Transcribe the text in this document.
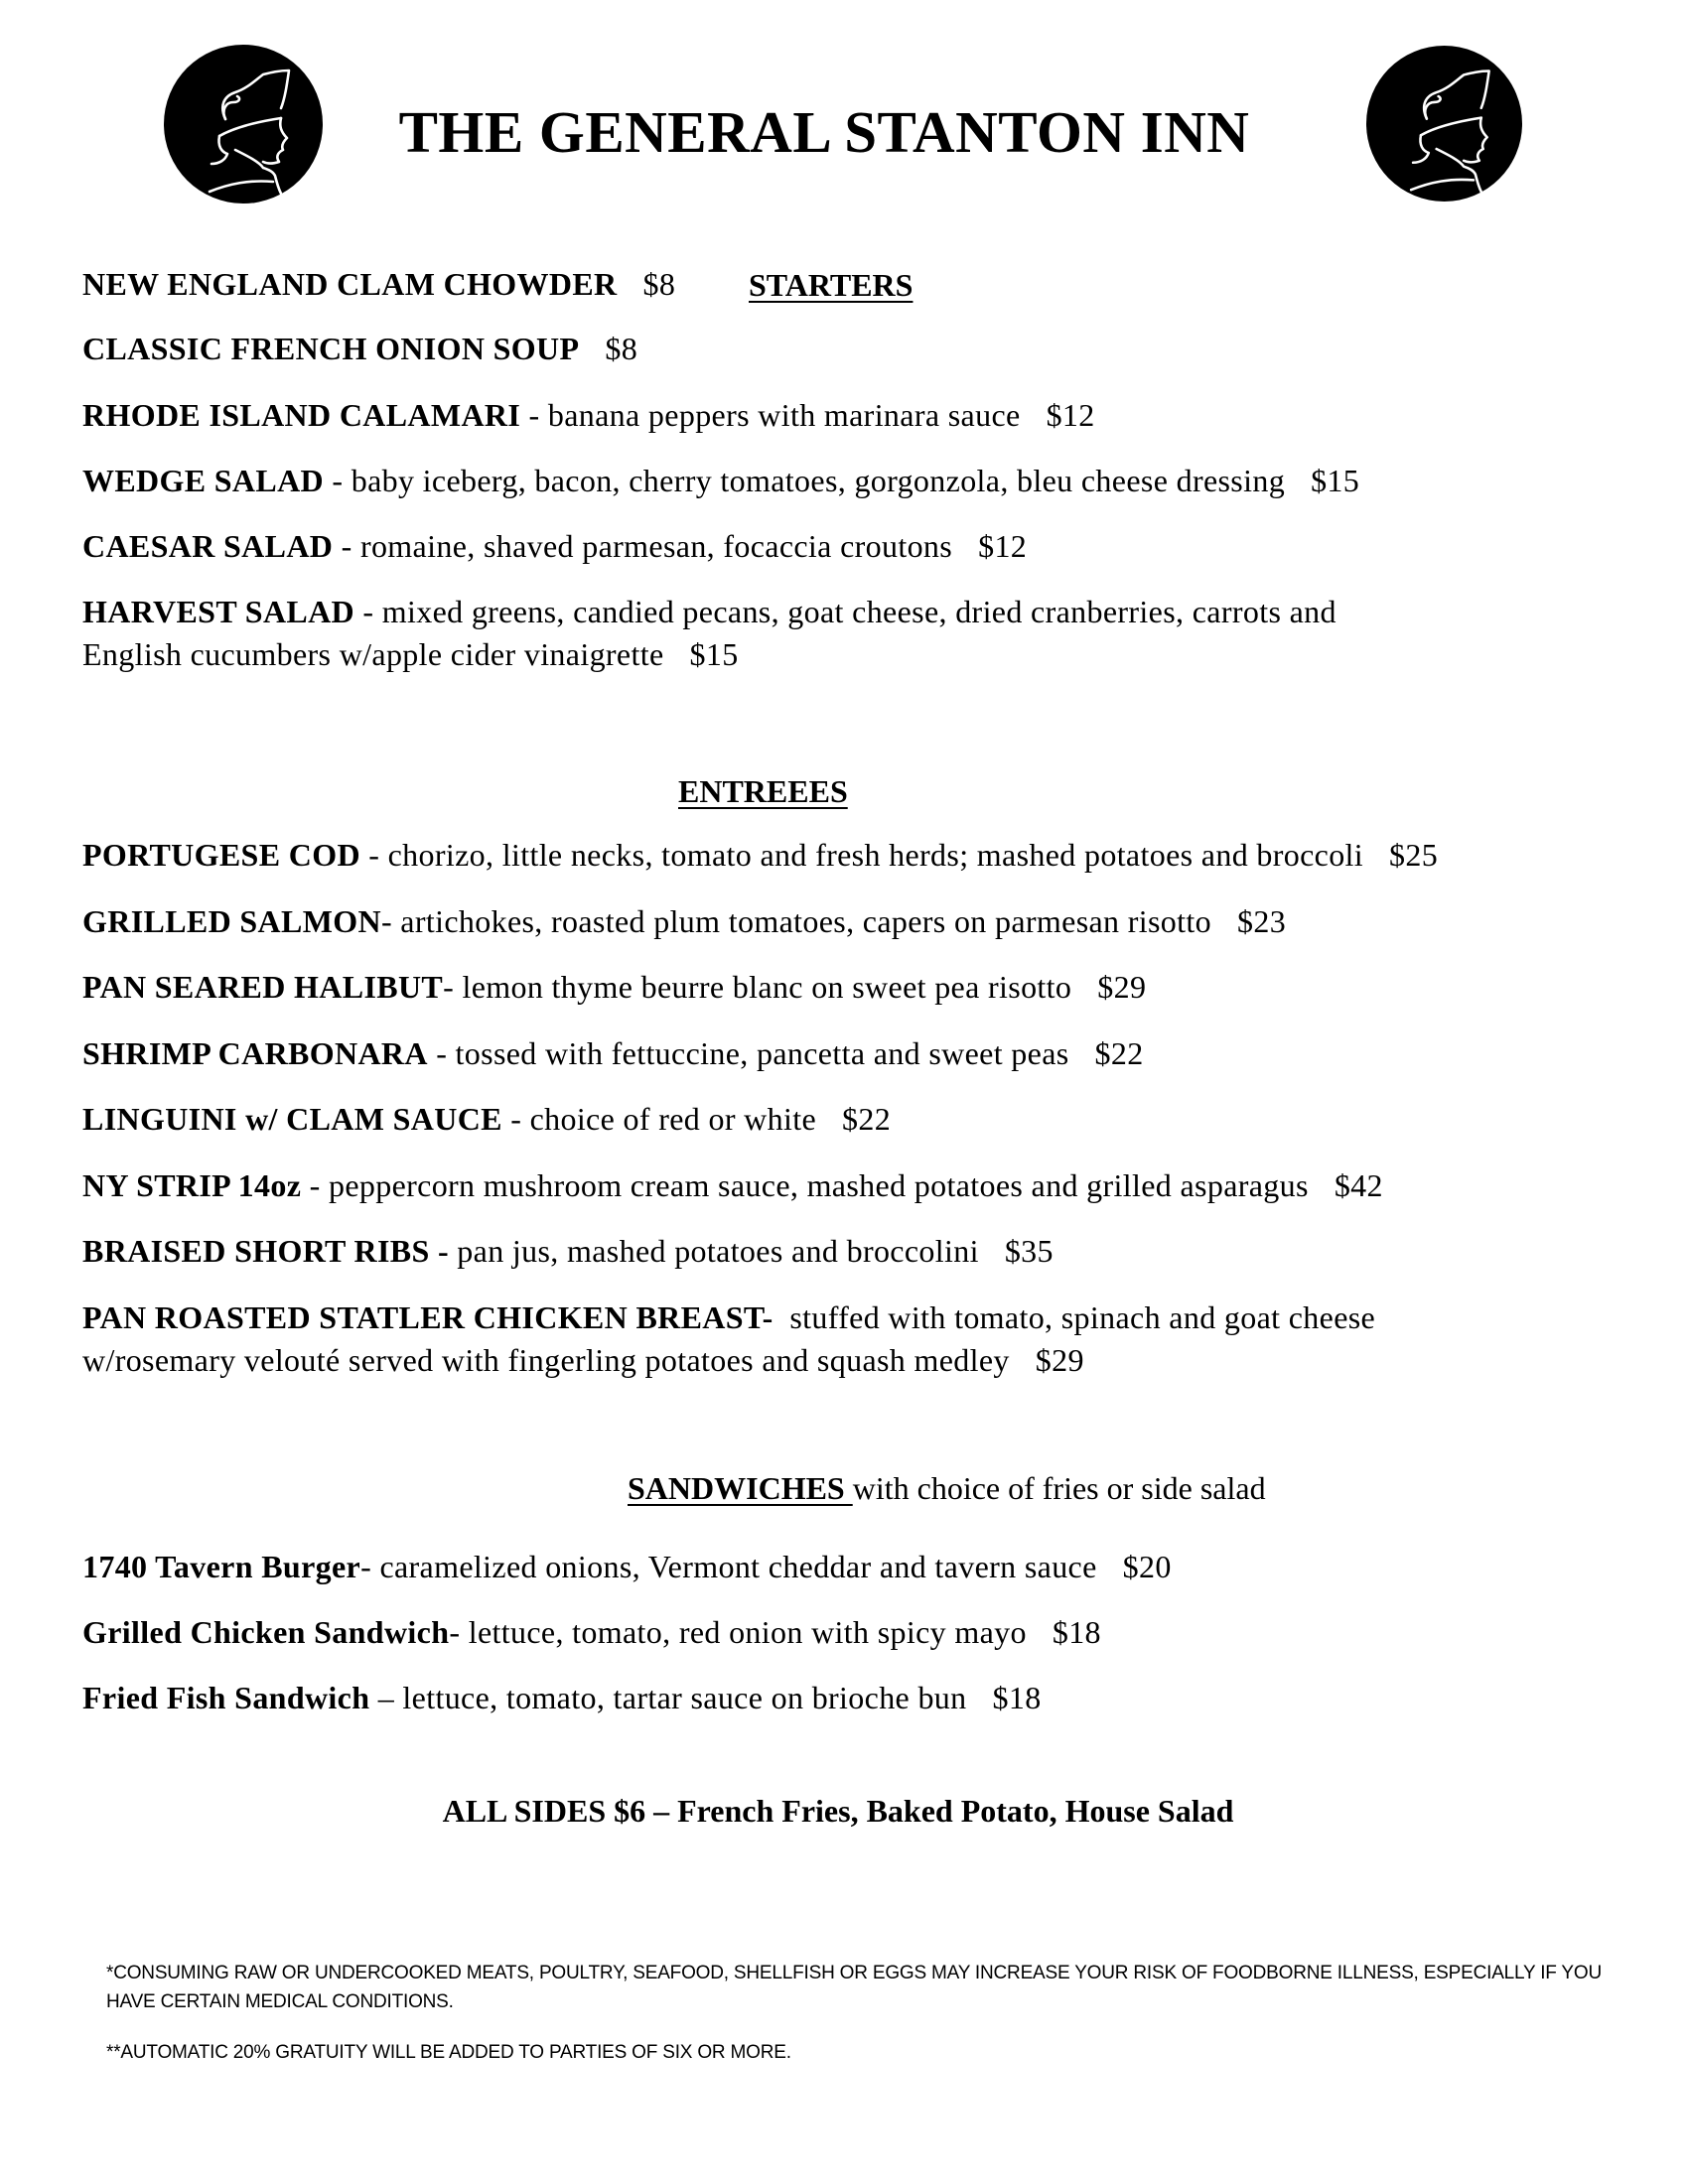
THE GENERAL STANTON INN
STARTERS
NEW ENGLAND CLAM CHOWDER $8
CLASSIC FRENCH ONION SOUP $8
RHODE ISLAND CALAMARI - banana peppers with marinara sauce $12
WEDGE SALAD - baby iceberg, bacon, cherry tomatoes, gorgonzola, bleu cheese dressing $15
CAESAR SALAD - romaine, shaved parmesan, focaccia croutons $12
HARVEST SALAD - mixed greens, candied pecans, goat cheese, dried cranberries, carrots and
English cucumbers w/apple cider vinaigrette $15
ENTREEES
PORTUGESE COD - chorizo, little necks, tomato and fresh herds; mashed potatoes and broccoli $25
GRILLED SALMON- artichokes, roasted plum tomatoes, capers on parmesan risotto $23
PAN SEARED HALIBUT- lemon thyme beurre blanc on sweet pea risotto $29
SHRIMP CARBONARA - tossed with fettuccine, pancetta and sweet peas $22
LINGUINI w/ CLAM SAUCE - choice of red or white $22
NY STRIP 14oz - peppercorn mushroom cream sauce, mashed potatoes and grilled asparagus $42
BRAISED SHORT RIBS - pan jus, mashed potatoes and broccolini $35
PAN ROASTED STATLER CHICKEN BREAST-  stuffed with tomato, spinach and goat cheese
w/rosemary velouté served with fingerling potatoes and squash medley $29
SANDWICHES with choice of fries or side salad
1740 Tavern Burger- caramelized onions, Vermont cheddar and tavern sauce $20
Grilled Chicken Sandwich- lettuce, tomato, red onion with spicy mayo $18
Fried Fish Sandwich – lettuce, tomato, tartar sauce on brioche bun $18
ALL SIDES $6 – French Fries, Baked Potato, House Salad
*CONSUMING RAW OR UNDERCOOKED MEATS, POULTRY, SEAFOOD, SHELLFISH OR EGGS MAY INCREASE YOUR RISK OF FOODBORNE ILLNESS, ESPECIALLY IF YOU
HAVE CERTAIN MEDICAL CONDITIONS.
**AUTOMATIC 20% GRATUITY WILL BE ADDED TO PARTIES OF SIX OR MORE.
